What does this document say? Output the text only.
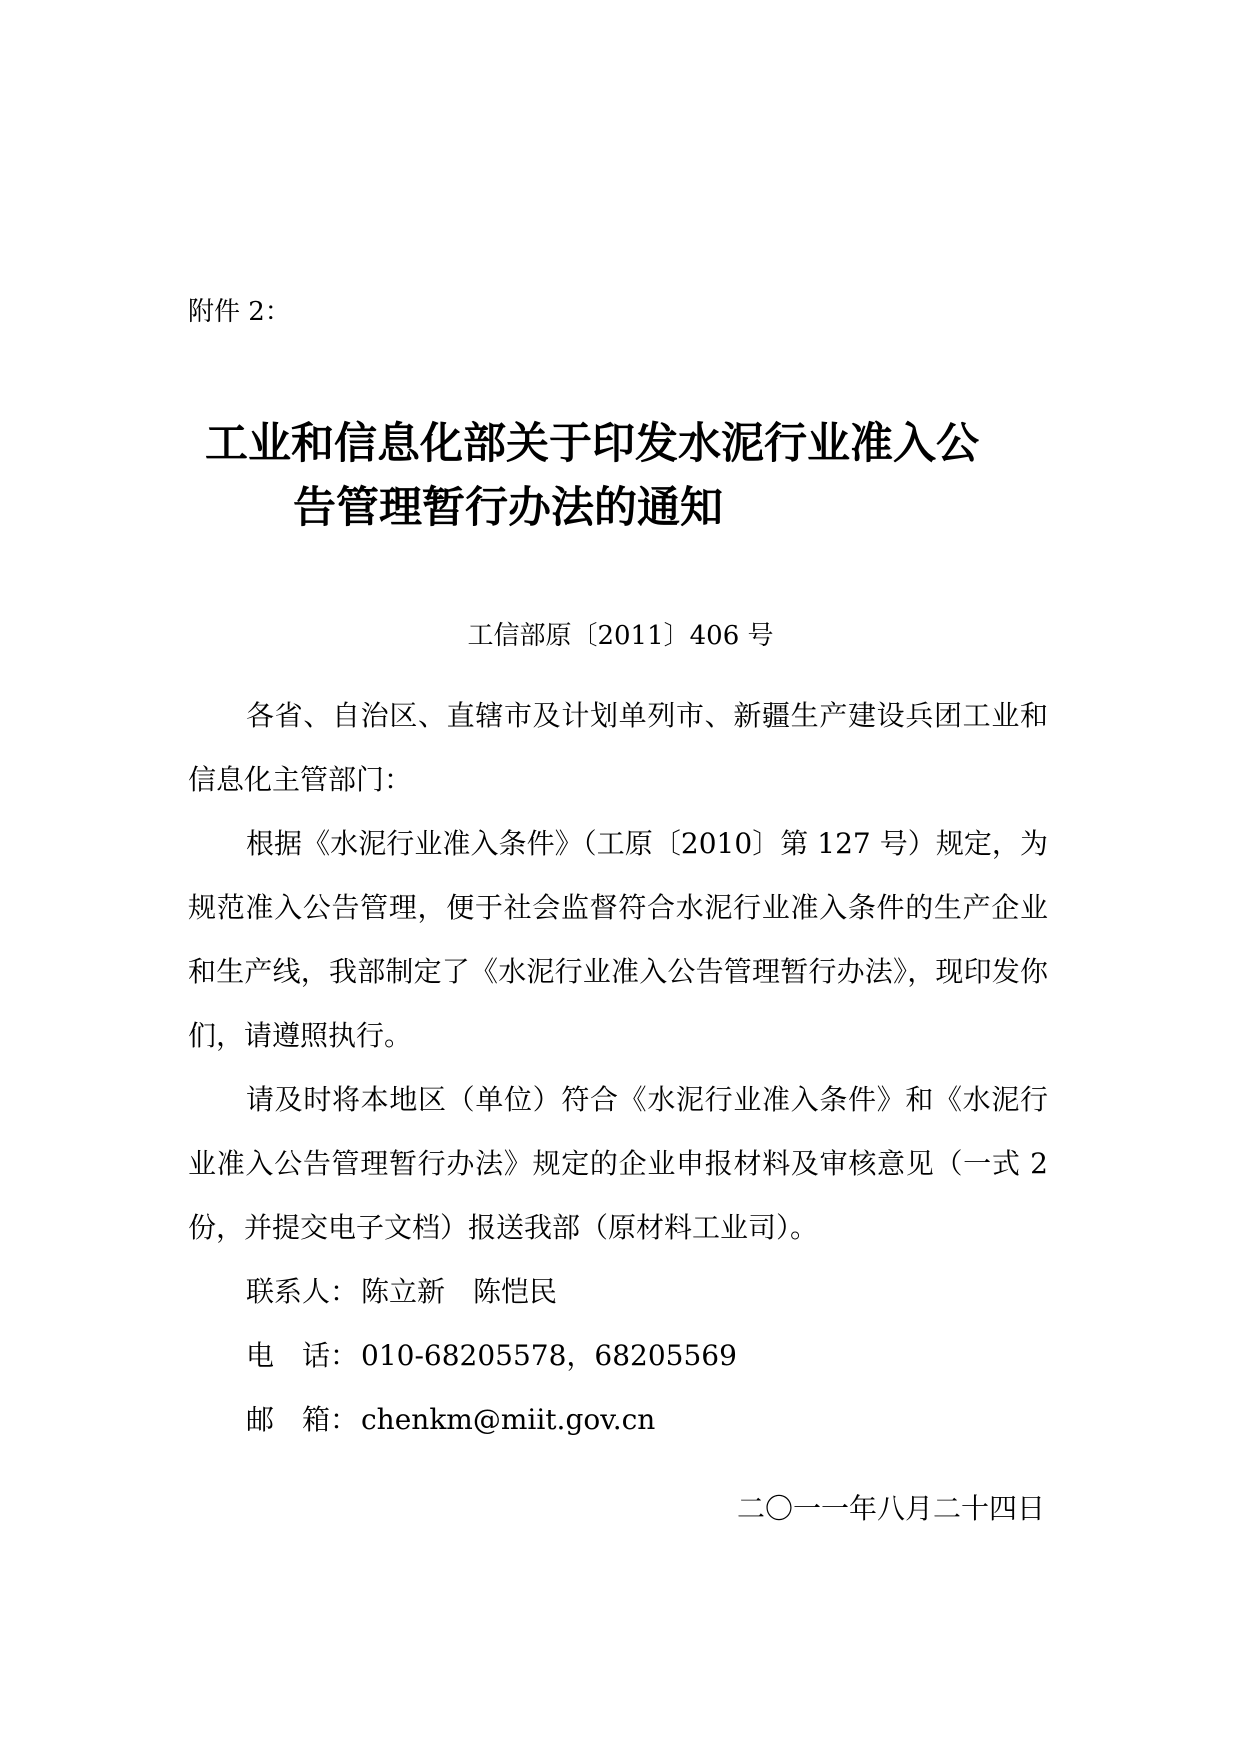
附件 2：
工业和信息化部关于印发水泥行业准入公
告管理暂行办法的通知
工信部原〔2011〕406 号

各省、自治区、直辖市及计划单列市、新疆生产建设兵团工业和信息化主管部门：

根据《水泥行业准入条件》（工原〔2010〕第 127 号）规定，为规范准入公告管理，便于社会监督符合水泥行业准入条件的生产企业和生产线，我部制定了《水泥行业准入公告管理暂行办法》，现印发你们，请遵照执行。

请及时将本地区（单位）符合《水泥行业准入条件》和《水泥行业准入公告管理暂行办法》规定的企业申报材料及审核意见（一式 2份，并提交电子文档）报送我部（原材料工业司）。

联系人： 陈立新　陈恺民

电　话： 010-68205578，68205569

邮　箱： chenkm@miit.gov.cn

二〇一一年八月二十四日
